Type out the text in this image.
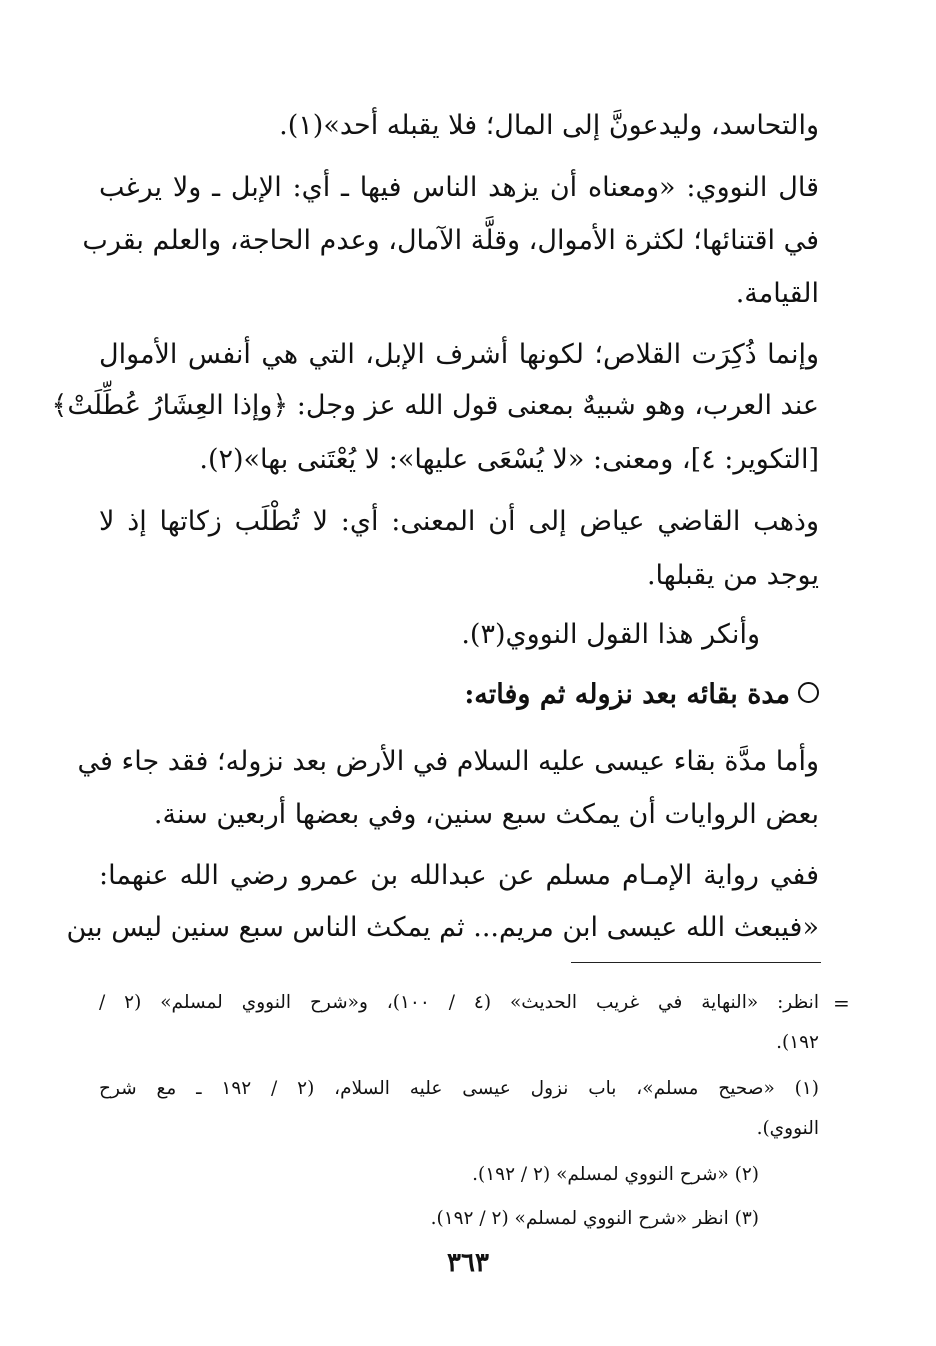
والتحاسد، وليدعونَّ إلى المال؛ فلا يقبله أحد»(١).
قال النووي: «ومعناه أن يزهد الناس فيها ـ أي: الإبل ـ ولا يرغب
في اقتنائها؛ لكثرة الأموال، وقلَّة الآمال، وعدم الحاجة، والعلم بقرب
القيامة.
وإنما ذُكِرَت القلاص؛ لكونها أشرف الإبل، التي هي أنفس الأموال
عند العرب، وهو شبيهٌ بمعنى قول الله عز وجل: ﴿وإذا العِشَارُ عُطِّلَتْ﴾
[التكوير: ٤]، ومعنى: «لا يُسْعَى عليها»: لا يُعْتَنى بها»(٢).
وذهب القاضي عياض إلى أن المعنى: أي: لا تُطْلَب زكاتها إذ لا
يوجد من يقبلها.
وأنكر هذا القول النووي(٣).
مدة بقائه بعد نزوله ثم وفاته:
وأما مدَّة بقاء عيسى عليه السلام في الأرض بعد نزوله؛ فقد جاء في
بعض الروايات أن يمكث سبع سنين، وفي بعضها أربعين سنة.
ففي رواية الإمـام مسلم عن عبدالله بن عمرو رضي الله عنهما:
«فيبعث الله عيسى ابن مريم... ثم يمكث الناس سبع سنين ليس بين
=
انظر: «النهاية في غريب الحديث» (٤ / ١٠٠)، و«شرح النووي لمسلم» (٢ /
١٩٢).
(١) «صحيح مسلم»، باب نزول عيسى عليه السلام، (٢ / ١٩٢ ـ مع شرح
النووي).
(٢) «شرح النووي لمسلم» (٢ / ١٩٢).
(٣) انظر «شرح النووي لمسلم» (٢ / ١٩٢).
٣٦٣
